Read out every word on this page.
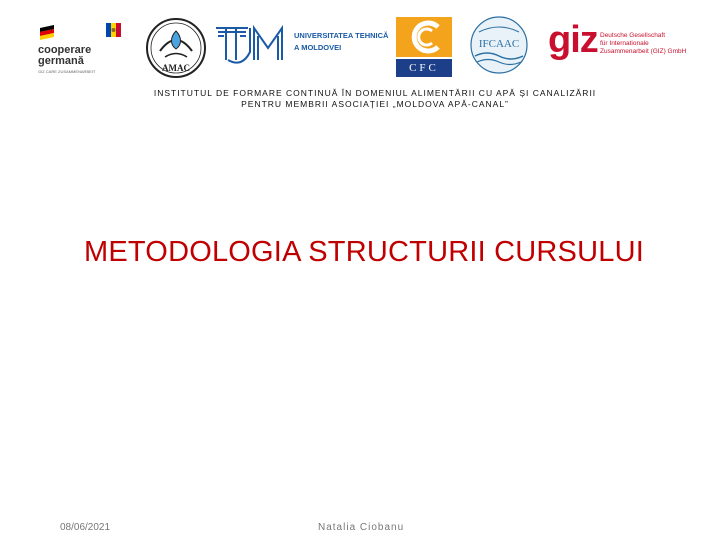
cooperare
germană
GIZ CARE ZUSAMMENARBEIT	AMAC
UNIVERSITATEA TEHNICĂ
A MOLDOVEI
CFC
IFCAAC giz Deutsche Gesellschaft
für Internationale
Zusammenarbeit (GIZ) GmbH
INSTITUTUL DE FORMARE CONTINUĂ ÎN DOMENIUL ALIMENTĂRII CU APĂ ȘI CANALIZĂRII
PENTRU MEMBRII ASOCIAȚIEI „MOLDOVA APĂ-CANAL”
METODOLOGIA STRUCTURII CURSULUI
08/06/2021	Natalia Ciobanu
